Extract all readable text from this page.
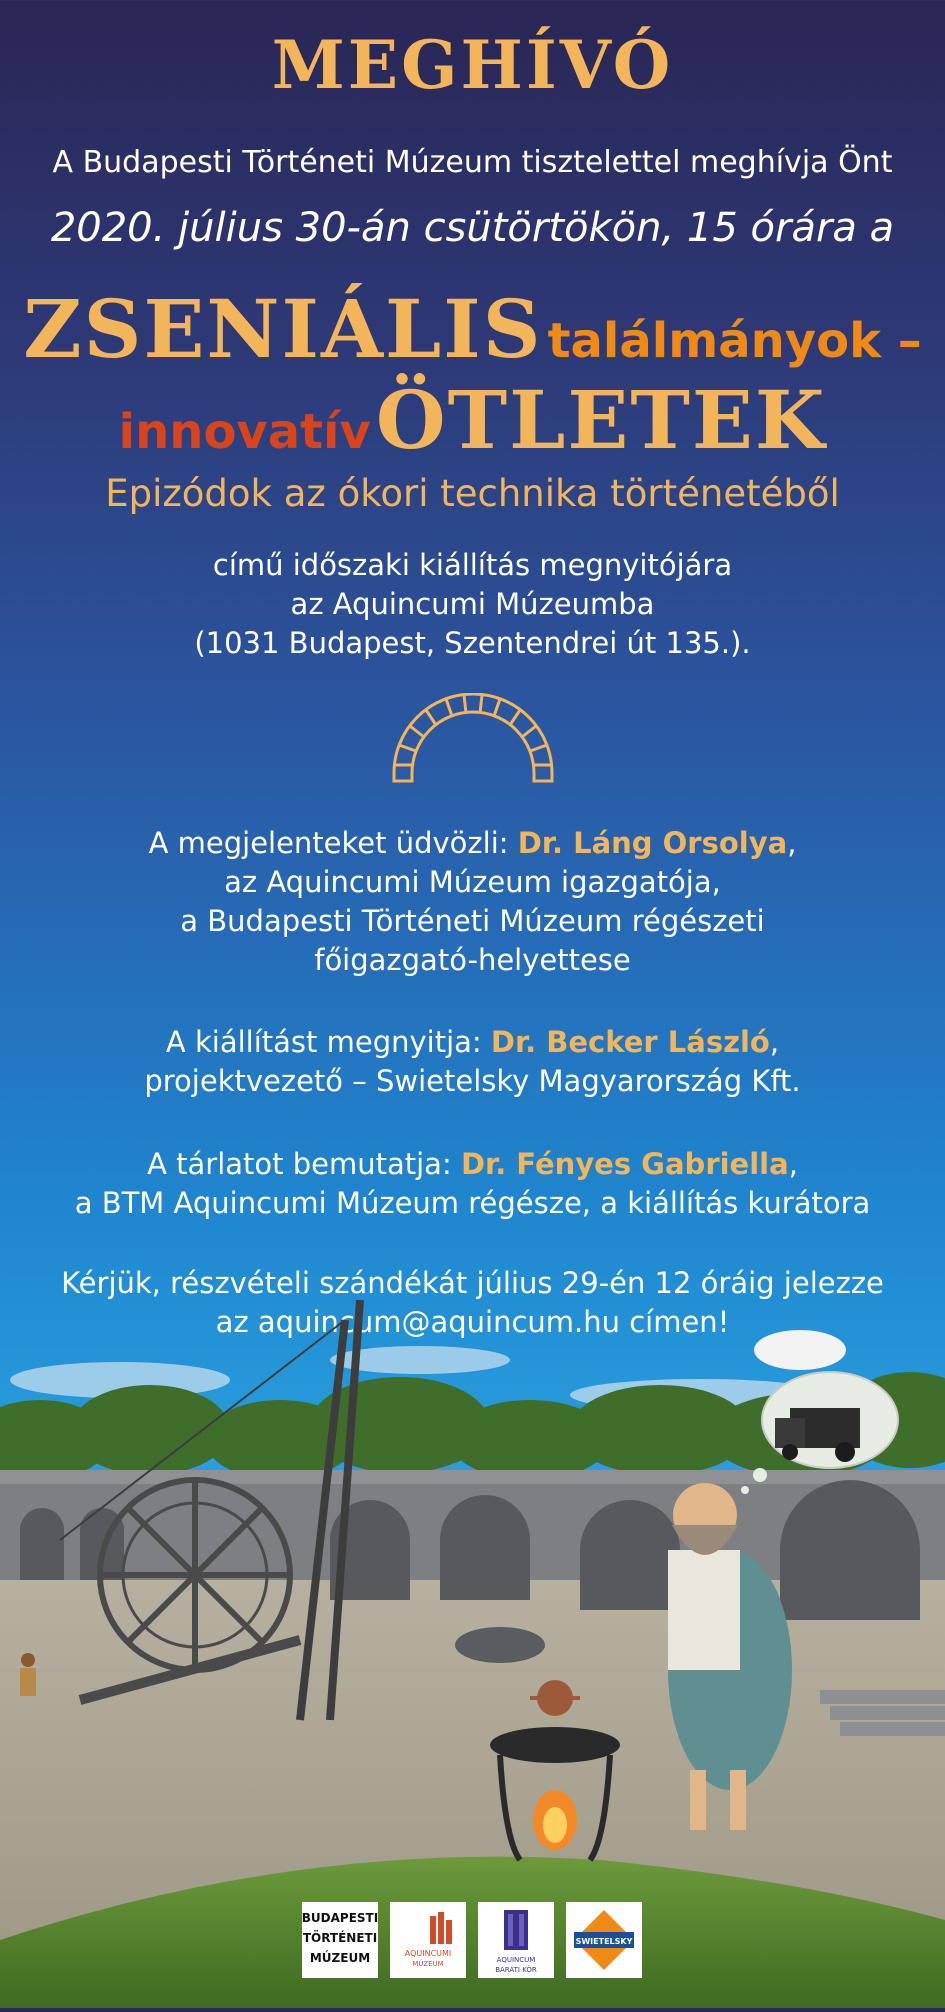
MEGHÍVÓ
A Budapesti Történeti Múzeum tisztelettel meghívja Önt
2020. július 30-án csütörtökön, 15 órára a
ZSENIÁLIS találmányok –
innovatív ÖTLETEK
Epizódok az ókori technika történetéből
című időszaki kiállítás megnyitójára
az Aquincumi Múzeumba
(1031 Budapest, Szentendrei út 135.).
A megjelenteket üdvözli: Dr. Láng Orsolya,
az Aquincumi Múzeum igazgatója,
a Budapesti Történeti Múzeum régészeti
főigazgató-helyettese
A kiállítást megnyitja: Dr. Becker László,
projektvezető – Swietelsky Magyarország Kft.
A tárlatot bemutatja: Dr. Fényes Gabriella,
a BTM Aquincumi Múzeum régésze, a kiállítás kurátora
Kérjük, részvételi szándékát július 29-én 12 óráig jelezze
az aquincum@aquincum.hu címen!
BUDAPESTI
TÖRTÉNETI
MÚZEUM	AQUINCUMI
MÚZEUM	AQUINCUM
BARÁTI KÖR
SWIETELSKY
